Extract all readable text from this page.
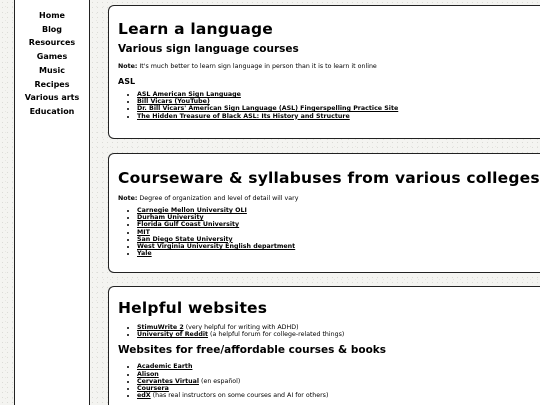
Home
Blog
Resources
Games
Music
Recipes
Various arts
Education
Learn a language
Various sign language courses

Note: It's much better to learn sign language in person than it is to learn it online

ASL
• ASL American Sign Language
• Bill Vicars (YouTube)
• Dr. Bill Vicars' American Sign Language (ASL) Fingerspelling Practice Site
• The Hidden Treasure of Black ASL: Its History and Structure
Courseware & syllabuses from various colleges

Note: Degree of organization and level of detail will vary

• Carnegie Mellon University OLI
• Durham University
• Florida Gulf Coast University
• MIT
• San Diego State University
• West Virginia University English department
• Yale
Helpful websites
• StimuWrite 2 (very helpful for writing with ADHD)
• University of Reddit (a helpful forum for college-related things)
Websites for free/affordable courses & books
• Academic Earth
• Alison
• Cervantes Virtual (en español)
• Coursera
• edX (has real instructors on some courses and AI for others)
